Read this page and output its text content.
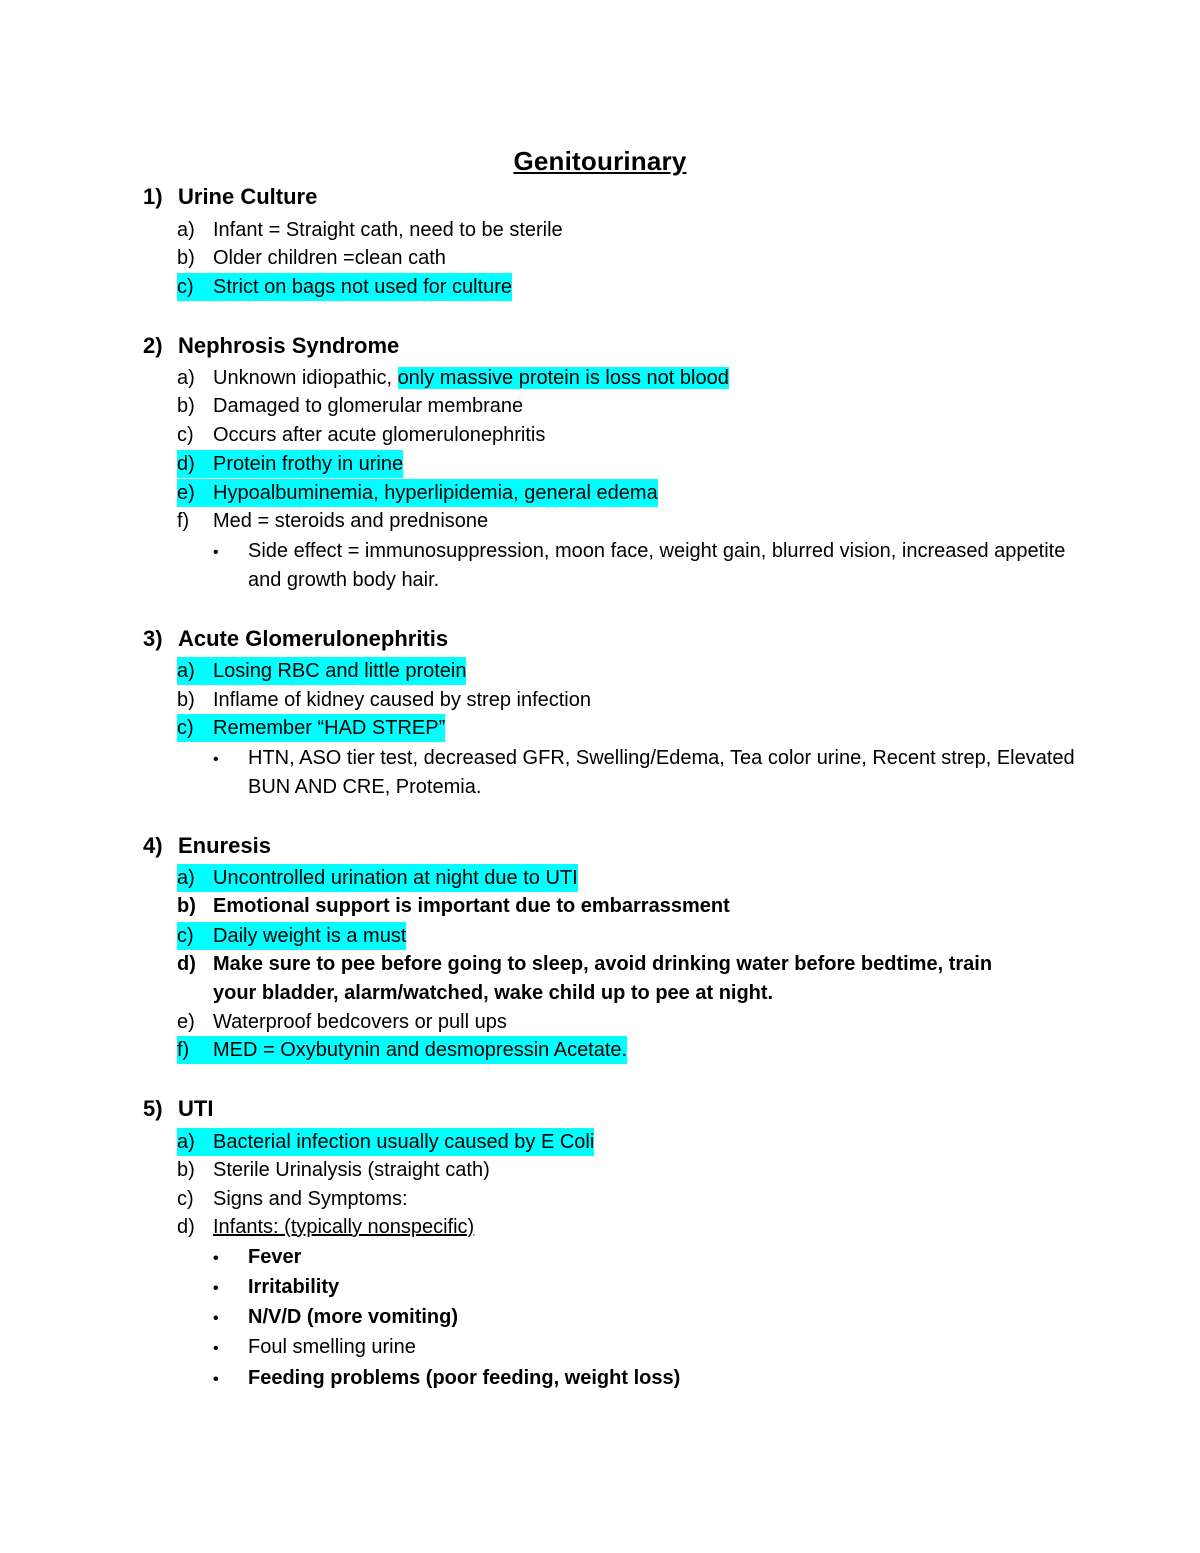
Genitourinary
1) Urine Culture
a) Infant = Straight cath, need to be sterile
b) Older children =clean cath
c) Strict on bags not used for culture
2) Nephrosis Syndrome
a) Unknown idiopathic, only massive protein is loss not blood
b) Damaged to glomerular membrane
c) Occurs after acute glomerulonephritis
d) Protein frothy in urine
e) Hypoalbuminemia, hyperlipidemia, general edema
f) Med = steroids and prednisone
• Side effect = immunosuppression, moon face, weight gain, blurred vision, increased appetite and growth body hair.
3) Acute Glomerulonephritis
a) Losing RBC and little protein
b) Inflame of kidney caused by strep infection
c) Remember “HAD STREP”
• HTN, ASO tier test, decreased GFR, Swelling/Edema, Tea color urine, Recent strep, Elevated BUN AND CRE, Protemia.
4) Enuresis
a) Uncontrolled urination at night due to UTI
b) Emotional support is important due to embarrassment
c) Daily weight is a must
d) Make sure to pee before going to sleep, avoid drinking water before bedtime, train
your bladder, alarm/watched, wake child up to pee at night.
e) Waterproof bedcovers or pull ups
f) MED = Oxybutynin and desmopressin Acetate.
5) UTI
a) Bacterial infection usually caused by E Coli
b) Sterile Urinalysis (straight cath)
c) Signs and Symptoms:
d) Infants: (typically nonspecific)
• Fever
• Irritability
• N/V/D (more vomiting)
• Foul smelling urine
• Feeding problems (poor feeding, weight loss)
